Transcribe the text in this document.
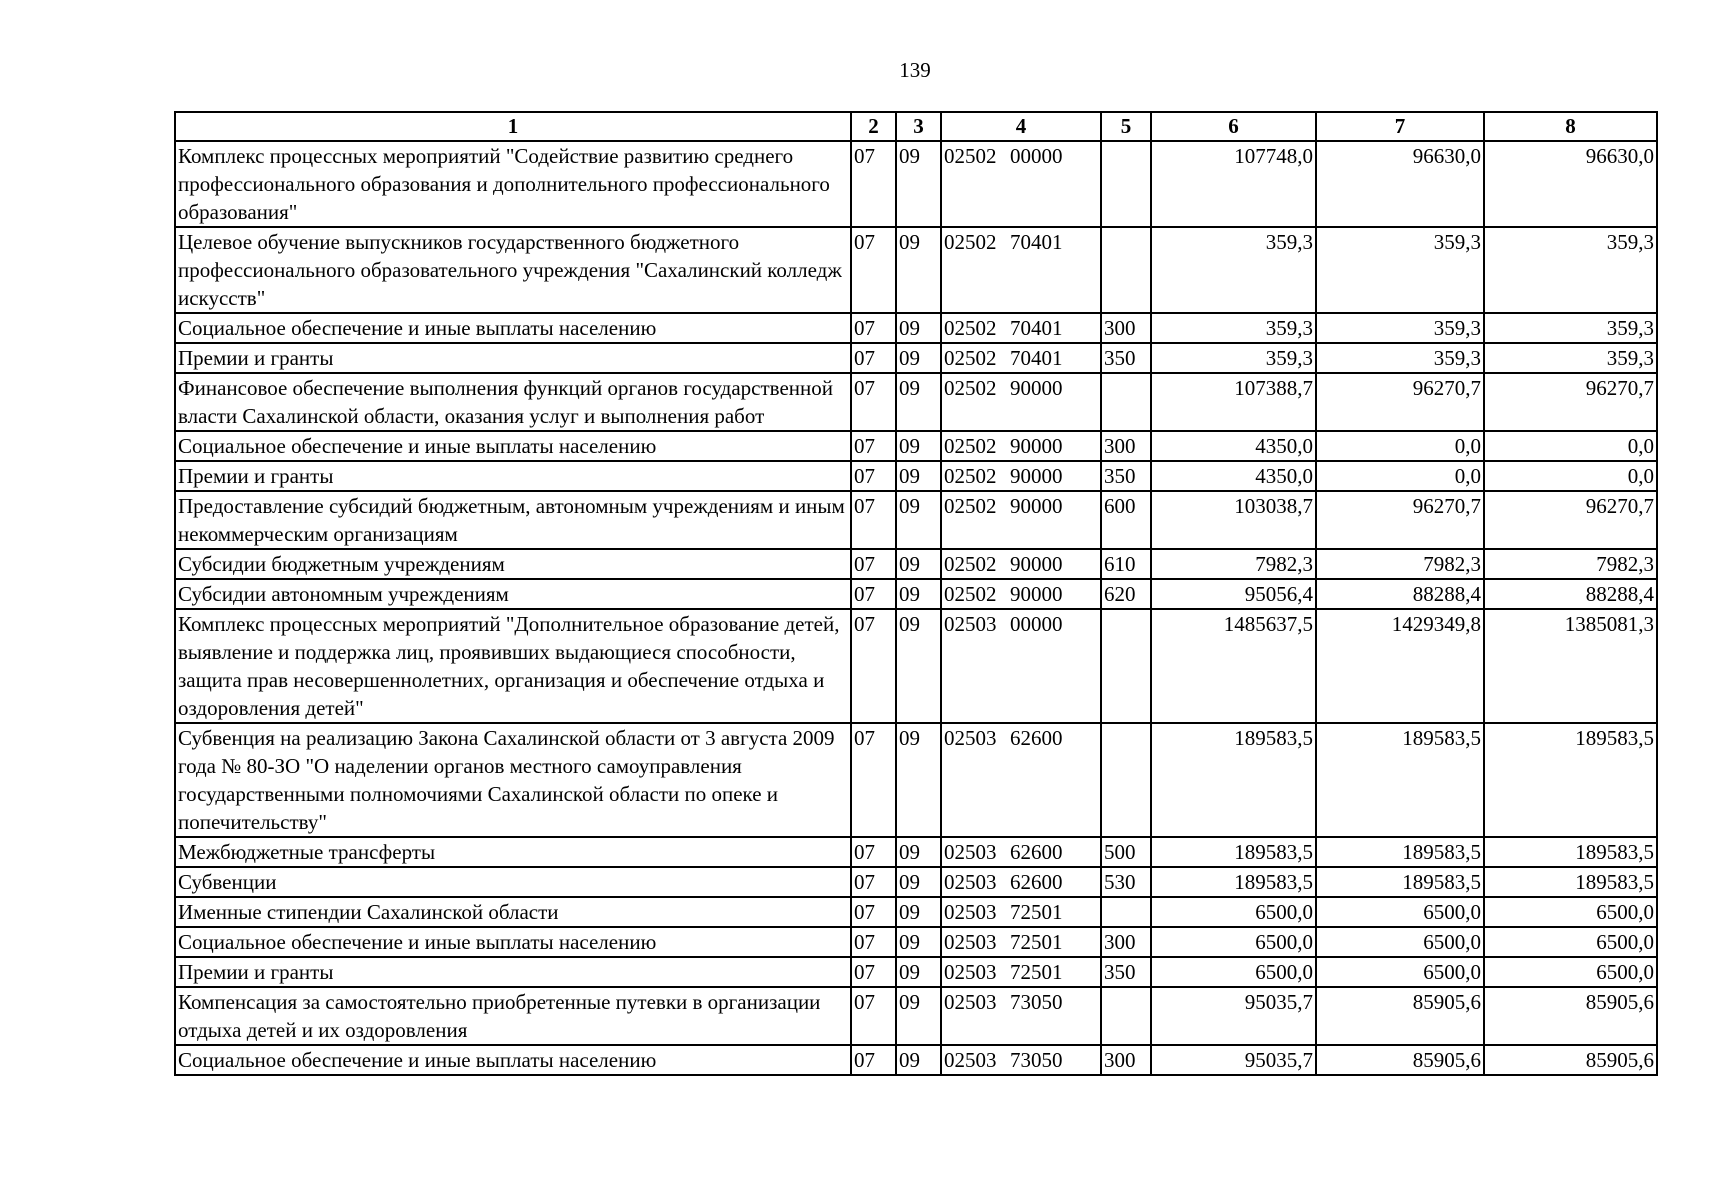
139
1	2	3	4	5	6	7	8
Комплекс процессных мероприятий "Содействие развитию среднего профессионального образования и дополнительного профессионального образования"	07	09	02502 00000		107748,0	96630,0	96630,0
Целевое обучение выпускников государственного бюджетного профессионального образовательного учреждения "Сахалинский колледж искусств"	07	09	02502 70401		359,3	359,3	359,3
Социальное обеспечение и иные выплаты населению	07	09	02502 70401	300	359,3	359,3	359,3
Премии и гранты	07	09	02502 70401	350	359,3	359,3	359,3
Финансовое обеспечение выполнения функций органов государственной власти Сахалинской области, оказания услуг и выполнения работ	07	09	02502 90000		107388,7	96270,7	96270,7
Социальное обеспечение и иные выплаты населению	07	09	02502 90000	300	4350,0	0,0	0,0
Премии и гранты	07	09	02502 90000	350	4350,0	0,0	0,0
Предоставление субсидий бюджетным, автономным учреждениям и иным некоммерческим организациям	07	09	02502 90000	600	103038,7	96270,7	96270,7
Субсидии бюджетным учреждениям	07	09	02502 90000	610	7982,3	7982,3	7982,3
Субсидии автономным учреждениям	07	09	02502 90000	620	95056,4	88288,4	88288,4
Комплекс процессных мероприятий "Дополнительное образование детей, выявление и поддержка лиц, проявивших выдающиеся способности, защита прав несовершеннолетних, организация и обеспечение отдыха и оздоровления детей"	07	09	02503 00000		1485637,5	1429349,8	1385081,3
Субвенция на реализацию Закона Сахалинской области от 3 августа 2009 года № 80-ЗО "О наделении органов местного самоуправления государственными полномочиями Сахалинской области по опеке и попечительству"	07	09	02503 62600		189583,5	189583,5	189583,5
Межбюджетные трансферты	07	09	02503 62600	500	189583,5	189583,5	189583,5
Субвенции	07	09	02503 62600	530	189583,5	189583,5	189583,5
Именные стипендии Сахалинской области	07	09	02503 72501		6500,0	6500,0	6500,0
Социальное обеспечение и иные выплаты населению	07	09	02503 72501	300	6500,0	6500,0	6500,0
Премии и гранты	07	09	02503 72501	350	6500,0	6500,0	6500,0
Компенсация за самостоятельно приобретенные путевки в организации отдыха детей и их оздоровления	07	09	02503 73050		95035,7	85905,6	85905,6
Социальное обеспечение и иные выплаты населению	07	09	02503 73050	300	95035,7	85905,6	85905,6
